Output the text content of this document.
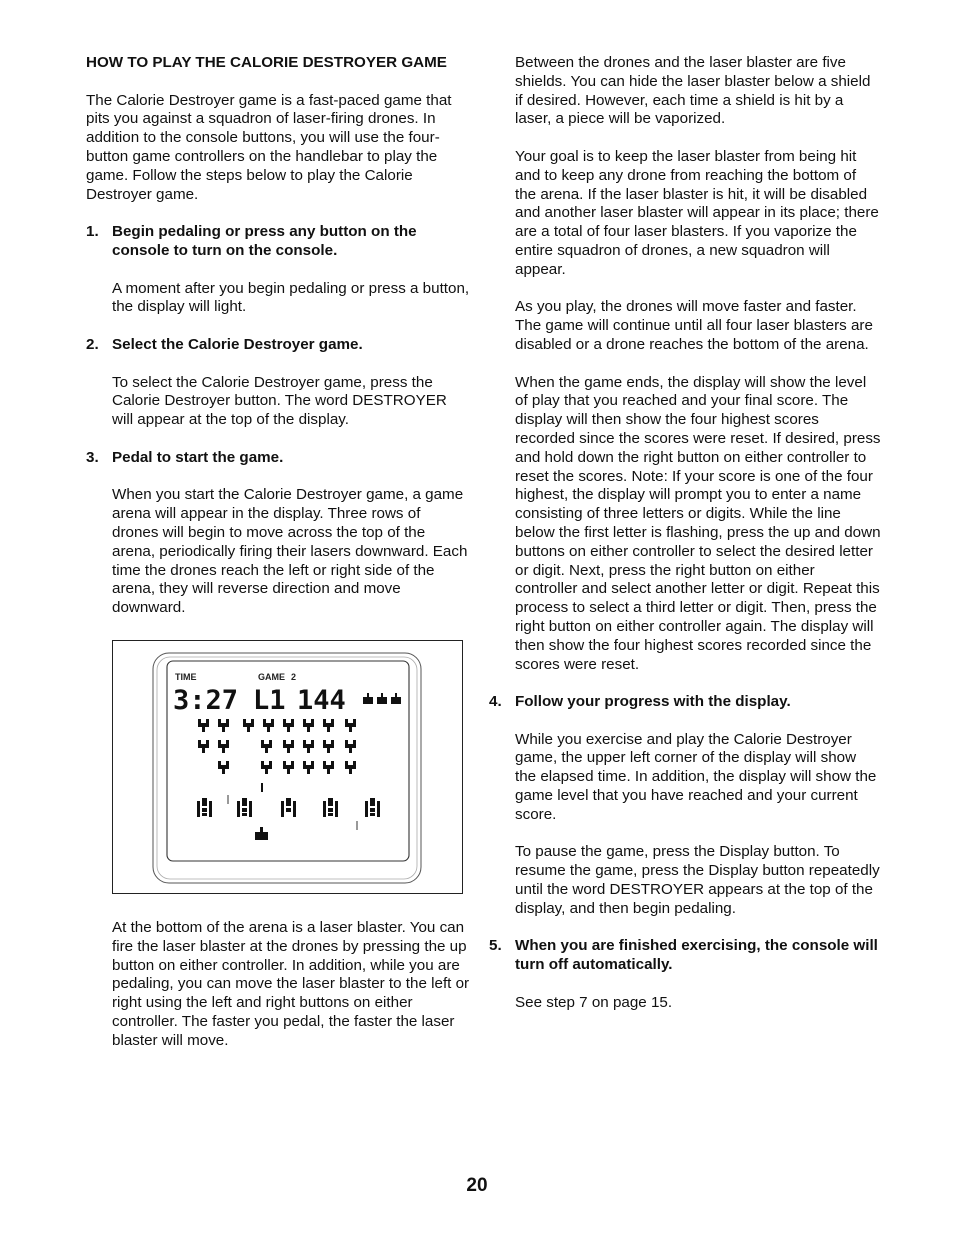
HOW TO PLAY THE CALORIE DESTROYER GAME

The Calorie Destroyer game is a fast-paced game that pits you against a squadron of laser-firing drones. In addition to the console buttons, you will use the four-button game controllers on the handlebar to play the game. Follow the steps below to play the Calorie Destroyer game.

1. Begin pedaling or press any button on the console to turn on the console.

A moment after you begin pedaling or press a button, the display will light.

2. Select the Calorie Destroyer game.

To select the Calorie Destroyer game, press the Calorie Destroyer button. The word DESTROYER will appear at the top of the display.

3. Pedal to start the game.

When you start the Calorie Destroyer game, a game arena will appear in the display. Three rows of drones will begin to move across the top of the arena, periodically firing their lasers downward. Each time the drones reach the left or right side of the arena, they will reverse direction and move downward.

TIME	GAME 2
3:27 L1 144

At the bottom of the arena is a laser blaster. You can fire the laser blaster at the drones by pressing the up button on either controller. In addition, while you are pedaling, you can move the laser blaster to the left or right using the left and right buttons on either controller. The faster you pedal, the faster the laser blaster will move.

Between the drones and the laser blaster are five shields. You can hide the laser blaster below a shield if desired. However, each time a shield is hit by a laser, a piece will be vaporized.

Your goal is to keep the laser blaster from being hit and to keep any drone from reaching the bottom of the arena. If the laser blaster is hit, it will be disabled and another laser blaster will appear in its place; there are a total of four laser blasters. If you vaporize the entire squadron of drones, a new squadron will appear.

As you play, the drones will move faster and faster. The game will continue until all four laser blasters are disabled or a drone reaches the bottom of the arena.

When the game ends, the display will show the level of play that you reached and your final score. The display will then show the four highest scores recorded since the scores were reset. If desired, press and hold down the right button on either controller to reset the scores. Note: If your score is one of the four highest, the display will prompt you to enter a name consisting of three letters or digits. While the line below the first letter is flashing, press the up and down buttons on either controller to select the desired letter or digit. Next, press the right button on either controller and select another letter or digit. Repeat this process to select a third letter or digit. Then, press the right button on either controller again. The display will then show the four highest scores recorded since the scores were reset.

4. Follow your progress with the display.

While you exercise and play the Calorie Destroyer game, the upper left corner of the display will show the elapsed time. In addition, the display will show the game level that you have reached and your current score.

To pause the game, press the Display button. To resume the game, press the Display button repeatedly until the word DESTROYER appears at the top of the display, and then begin pedaling.

5. When you are finished exercising, the console will turn off automatically.

See step 7 on page 15.

20
